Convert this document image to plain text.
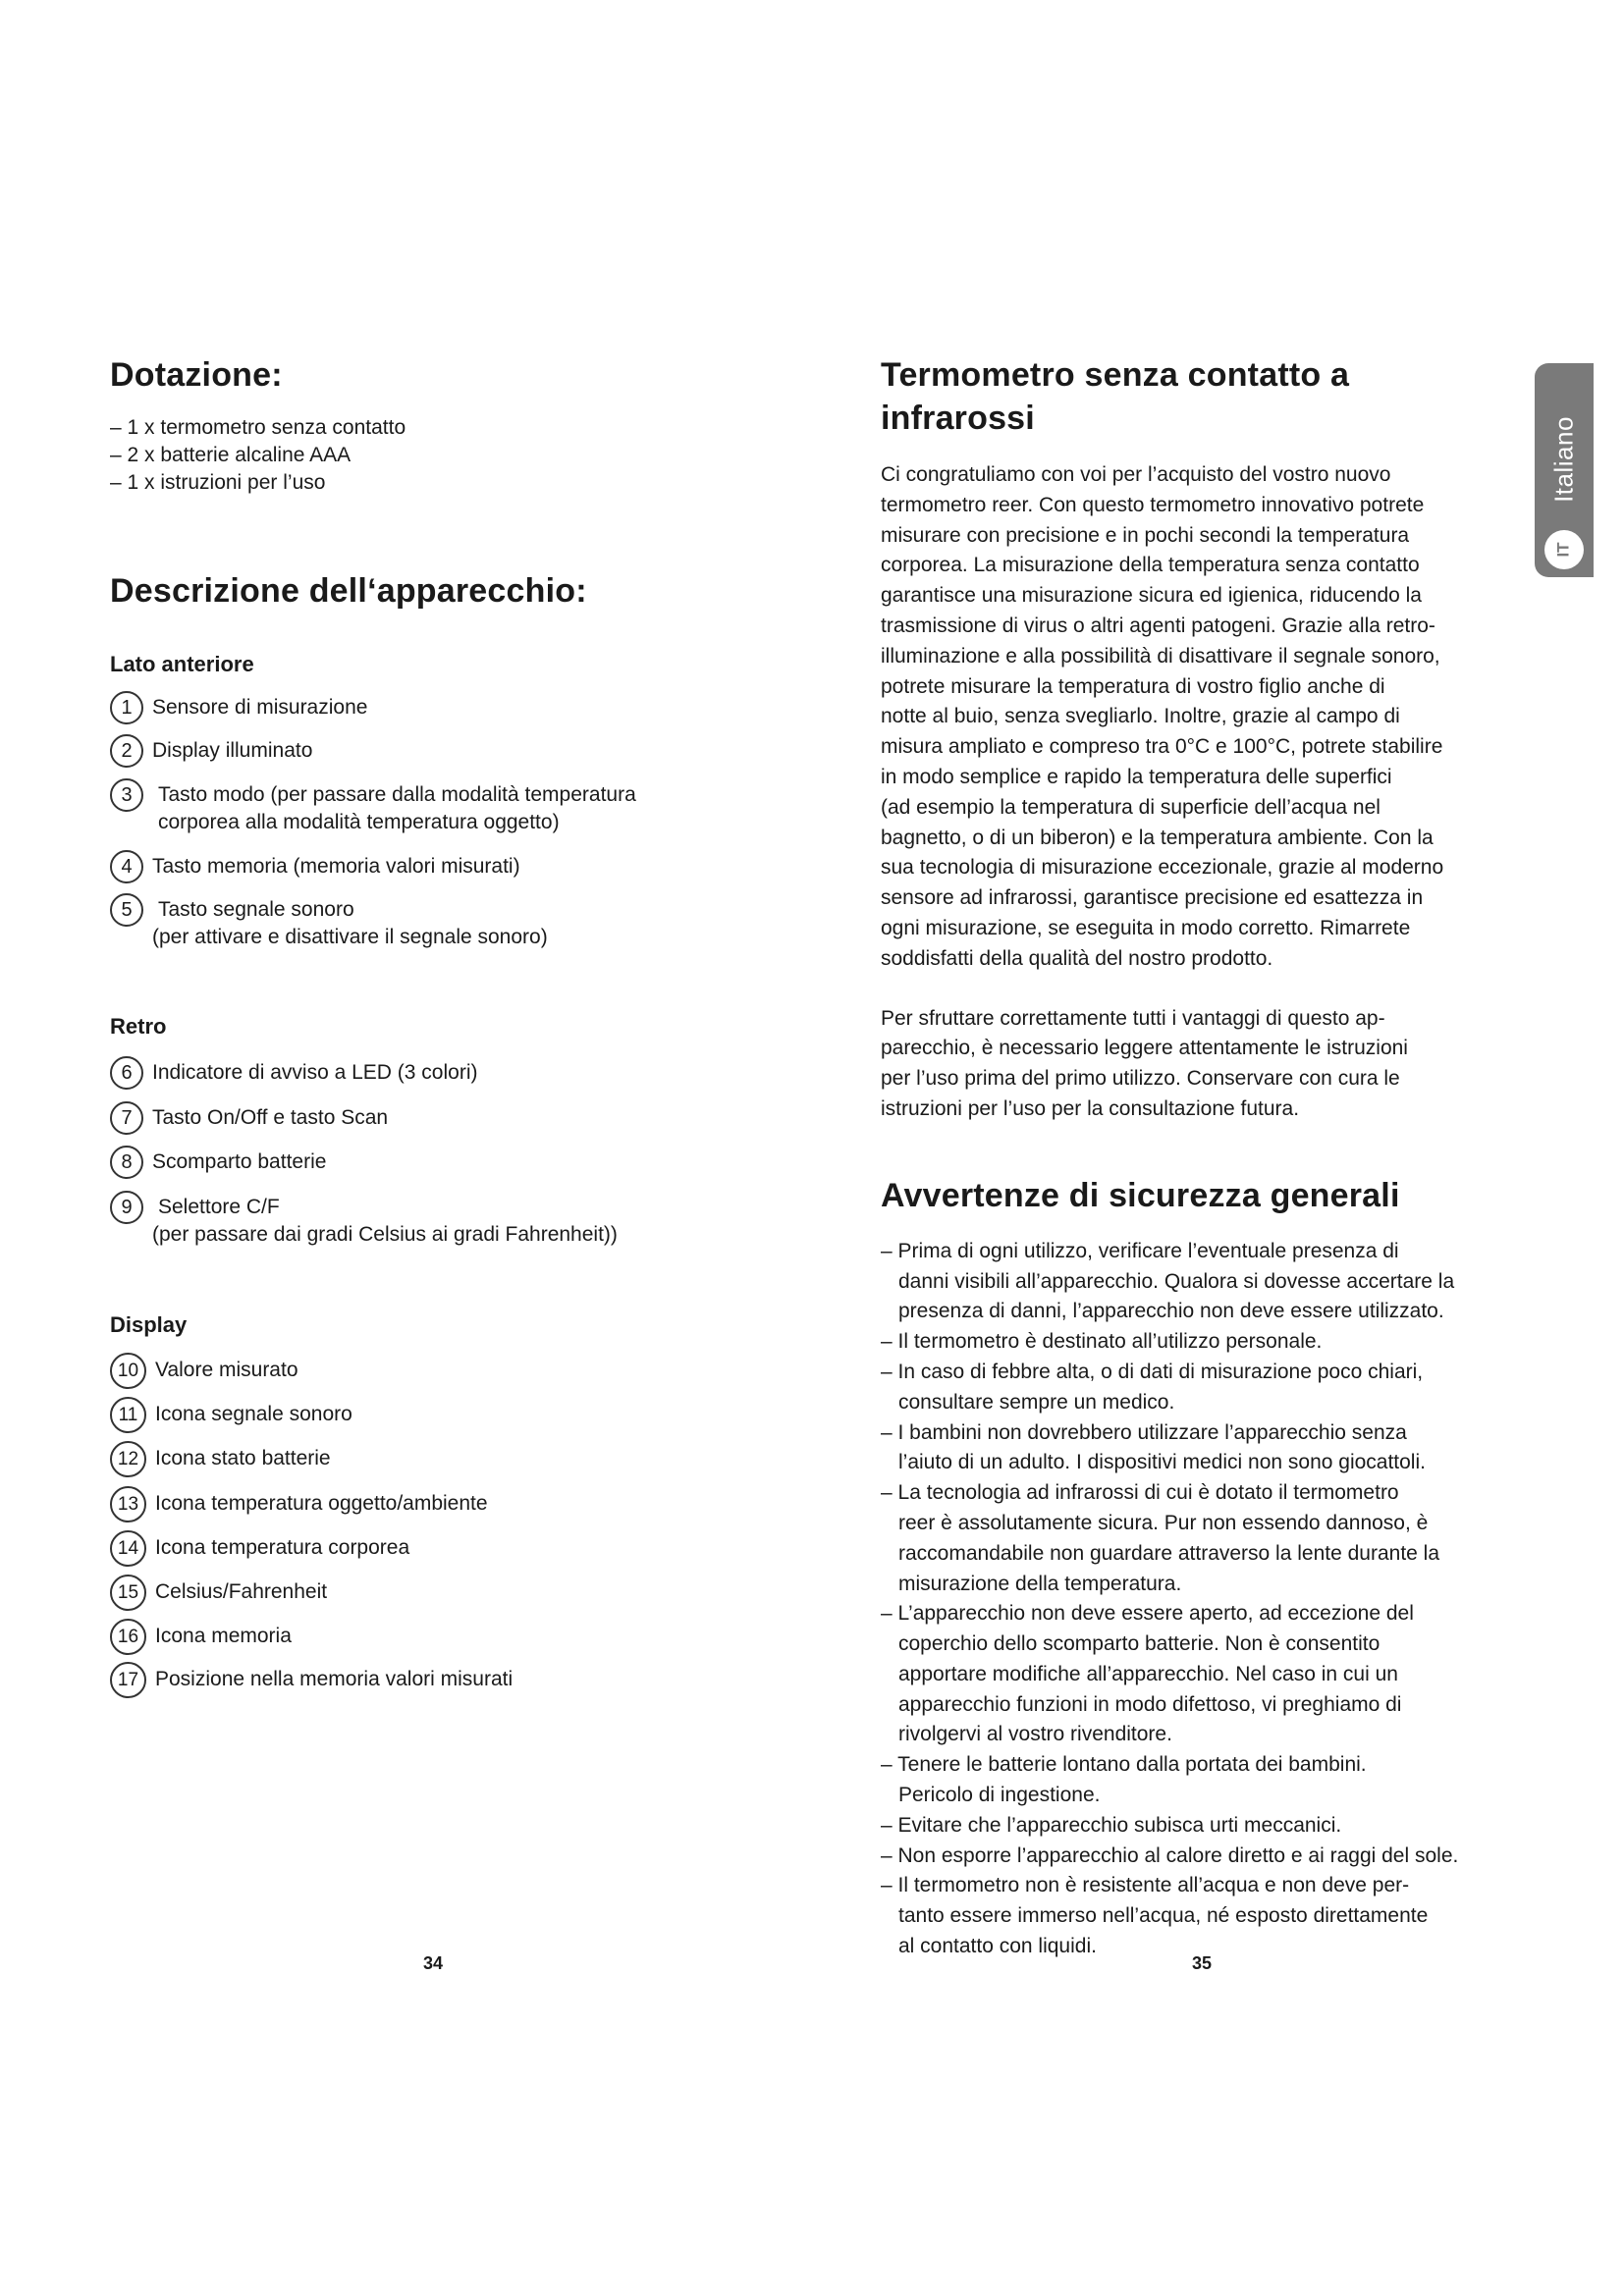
Dotazione:
– 1 x termometro senza contatto
– 2 x batterie alcaline AAA
– 1 x istruzioni per l’uso
Descrizione dell‘apparecchio:
Lato anteriore
1 Sensore di misurazione
2 Display illuminato
3	Tasto modo (per passare dalla modalità temperatura
corporea alla modalità temperatura oggetto)
4 Tasto memoria (memoria valori misurati)
5	Tasto segnale sonoro
(per attivare e disattivare il segnale sonoro)
Retro
6 Indicatore di avviso a LED (3 colori)
7 Tasto On/Off e tasto Scan
8 Scomparto batterie
9	Selettore C/F
(per passare dai gradi Celsius ai gradi Fahrenheit))
Display
10 Valore misurato
11 Icona segnale sonoro
12 Icona stato batterie
13 Icona temperatura oggetto/ambiente
14 Icona temperatura corporea
15 Celsius/Fahrenheit
16 Icona memoria
17 Posizione nella memoria valori misurati
Termometro senza contatto a infrarossi
Ci congratuliamo con voi per l’acquisto del vostro nuovo
termometro reer. Con questo termometro innovativo potrete
misurare con precisione e in pochi secondi la temperatura
corporea. La misurazione della temperatura senza contatto
garantisce una misurazione sicura ed igienica, riducendo la
trasmissione di virus o altri agenti patogeni. Grazie alla retro-
illuminazione e alla possibilità di disattivare il segnale sonoro,
potrete misurare la temperatura di vostro figlio anche di
notte al buio, senza svegliarlo. Inoltre, grazie al campo di
misura ampliato e compreso tra 0°C e 100°C, potrete stabilire
in modo semplice e rapido la temperatura delle superfici
(ad esempio la temperatura di superficie dell’acqua nel
bagnetto, o di un biberon) e la temperatura ambiente. Con la
sua tecnologia di misurazione eccezionale, grazie al moderno
sensore ad infrarossi, garantisce precisione ed esattezza in
ogni misurazione, se eseguita in modo corretto. Rimarrete
soddisfatti della qualità del nostro prodotto.
Per sfruttare correttamente tutti i vantaggi di questo ap-
parecchio, è necessario leggere attentamente le istruzioni
per l’uso prima del primo utilizzo. Conservare con cura le
istruzioni per l’uso per la consultazione futura.
Avvertenze di sicurezza generali
– Prima di ogni utilizzo, verificare l’eventuale presenza di
danni visibili all’apparecchio. Qualora si dovesse accertare la
presenza di danni, l’apparecchio non deve essere utilizzato.
– Il termometro è destinato all’utilizzo personale.
– In caso di febbre alta, o di dati di misurazione poco chiari,
consultare sempre un medico.
– I bambini non dovrebbero utilizzare l’apparecchio senza
l’aiuto di un adulto. I dispositivi medici non sono giocattoli.
– La tecnologia ad infrarossi di cui è dotato il termometro
reer è assolutamente sicura. Pur non essendo dannoso, è
raccomandabile non guardare attraverso la lente durante la
misurazione della temperatura.
– L’apparecchio non deve essere aperto, ad eccezione del
coperchio dello scomparto batterie. Non è consentito
apportare modifiche all’apparecchio. Nel caso in cui un
apparecchio funzioni in modo difettoso, vi preghiamo di
rivolgervi al vostro rivenditore.
– Tenere le batterie lontano dalla portata dei bambini.
Pericolo di ingestione.
– Evitare che l’apparecchio subisca urti meccanici.
– Non esporre l’apparecchio al calore diretto e ai raggi del sole.
– Il termometro non è resistente all’acqua e non deve per-
tanto essere immerso nell’acqua, né esposto direttamente
al contatto con liquidi.
34	35
Italiano
IT
